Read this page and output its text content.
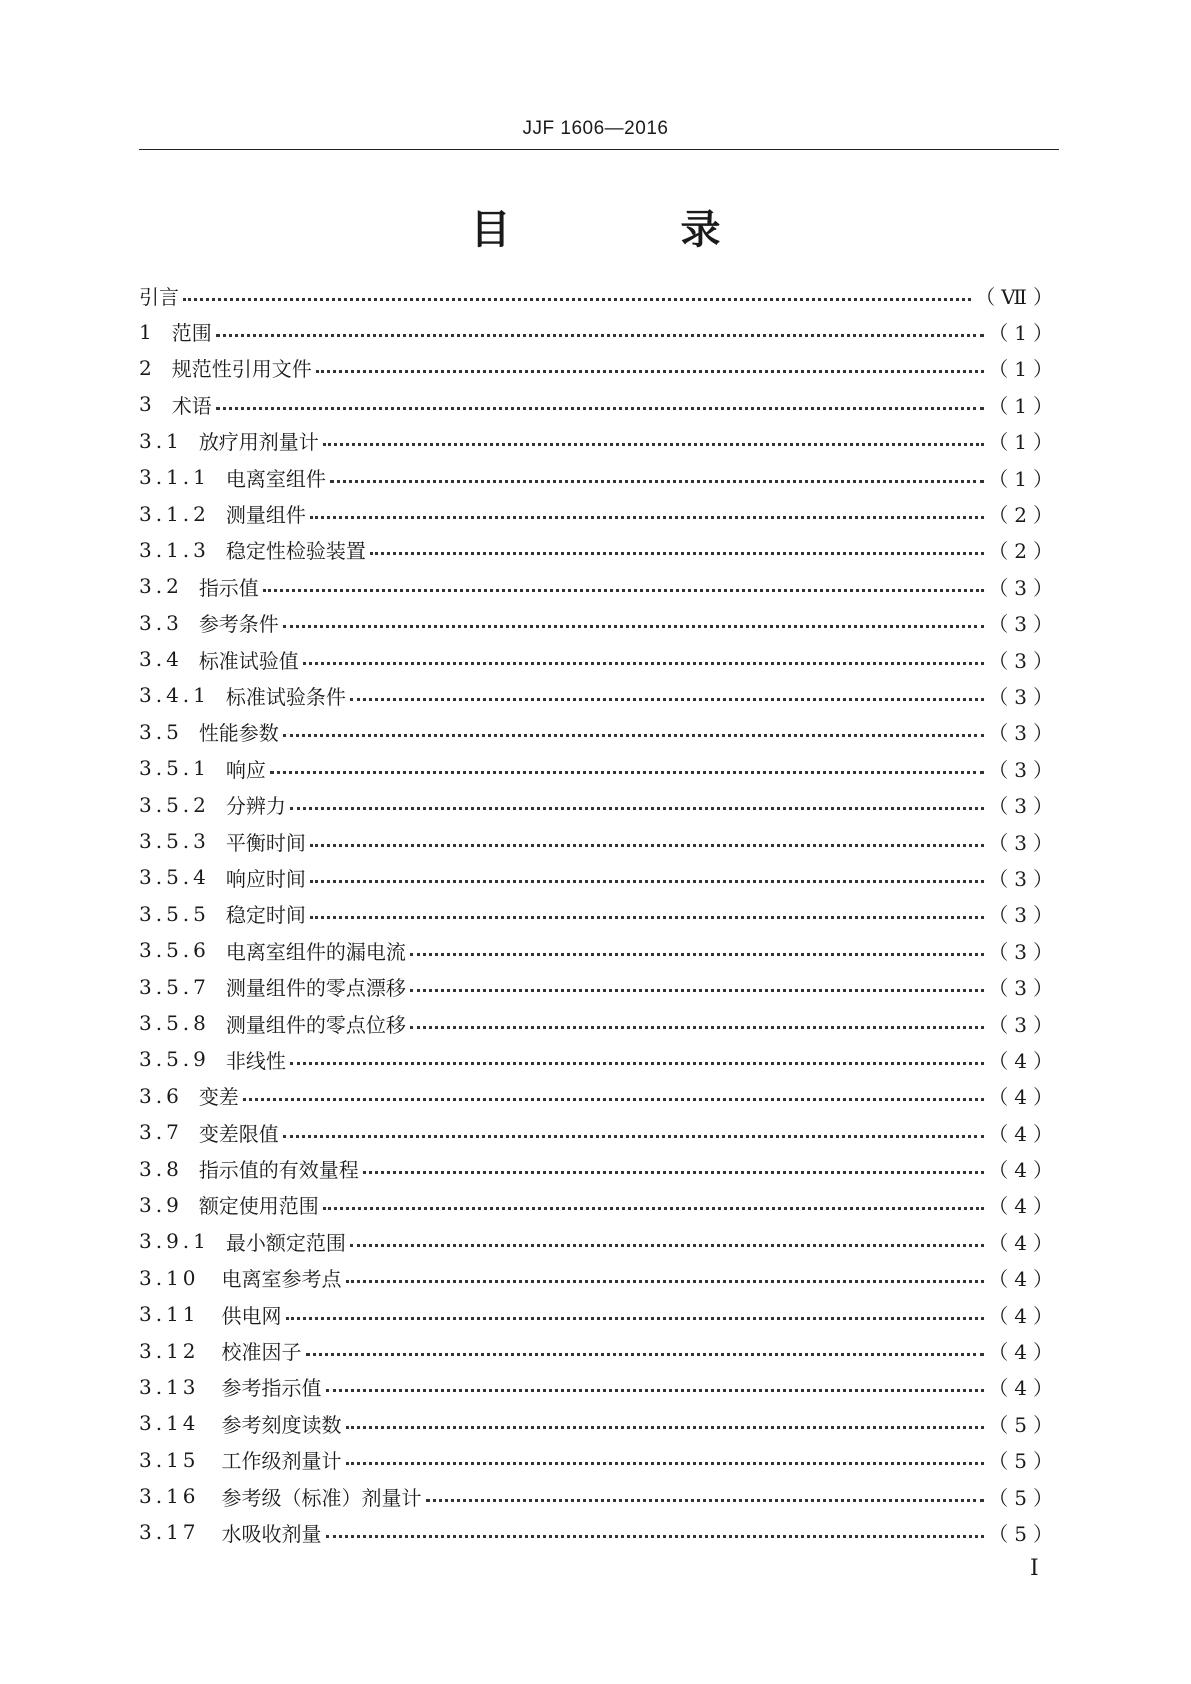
JJF 1606—2016
目 录
引言	（Ⅶ）
1 范围	（1）
2 规范性引用文件	（1）
3 术语	（1）
3.1 放疗用剂量计	（1）
3.1.1 电离室组件	（1）
3.1.2 测量组件	（2）
3.1.3 稳定性检验装置	（2）
3.2 指示值	（3）
3.3 参考条件	（3）
3.4 标准试验值	（3）
3.4.1 标准试验条件	（3）
3.5 性能参数	（3）
3.5.1 响应	（3）
3.5.2 分辨力	（3）
3.5.3 平衡时间	（3）
3.5.4 响应时间	（3）
3.5.5 稳定时间	（3）
3.5.6 电离室组件的漏电流	（3）
3.5.7 测量组件的零点漂移	（3）
3.5.8 测量组件的零点位移	（3）
3.5.9 非线性	（4）
3.6 变差	（4）
3.7 变差限值	（4）
3.8 指示值的有效量程	（4）
3.9 额定使用范围	（4）
3.9.1 最小额定范围	（4）
3.10 电离室参考点	（4）
3.11 供电网	（4）
3.12 校准因子	（4）
3.13 参考指示值	（4）
3.14 参考刻度读数	（5）
3.15 工作级剂量计	（5）
3.16 参考级（标准）剂量计	（5）
3.17 水吸收剂量	（5）
Ⅰ
